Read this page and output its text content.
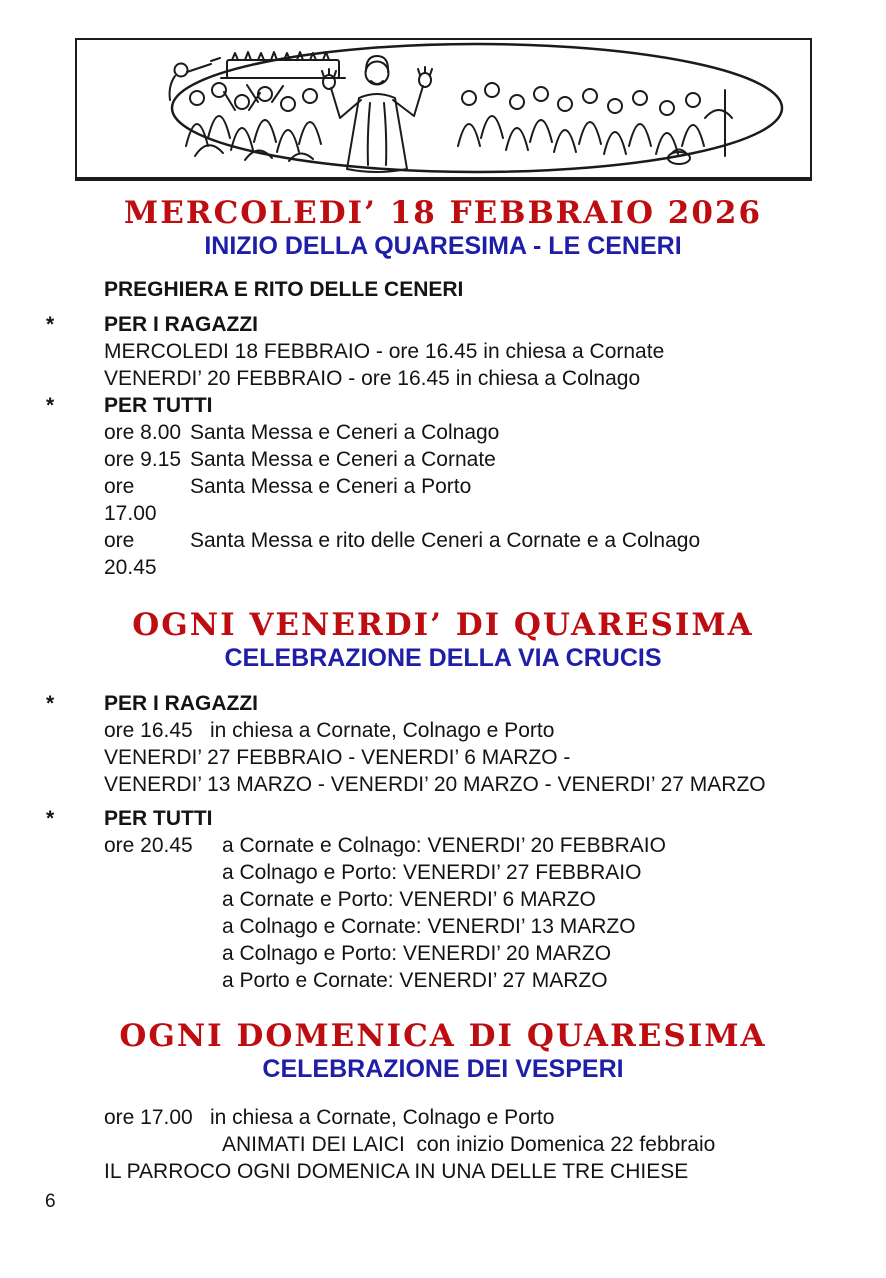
MERCOLEDI’ 18 FEBBRAIO 2026
INIZIO DELLA QUARESIMA - LE CENERI

PREGHIERA E RITO DELLE CENERI

* PER I RAGAZZI

MERCOLEDI 18 FEBBRAIO - ore 16.45 in chiesa a Cornate

VENERDI’ 20 FEBBRAIO - ore 16.45 in chiesa a Colnago

* PER TUTTI
ore 8.00 Santa Messa e Ceneri a Colnago
ore 9.15 Santa Messa e Ceneri a Cornate
ore 17.00
Santa Messa e Ceneri a Porto
ore 20.45
Santa Messa e rito delle Ceneri a Cornate e a Colnago
OGNI VENERDI’ DI QUARESIMA
CELEBRAZIONE DELLA VIA CRUCIS
* PER I RAGAZZI
ore 16.45 in chiesa a Cornate, Colnago e Porto

VENERDI’ 27 FEBBRAIO - VENERDI’ 6 MARZO -

VENERDI’ 13 MARZO - VENERDI’ 20 MARZO - VENERDI’ 27 MARZO

* PER TUTTI
ore 20.45	a Cornate e Colnago: VENERDI’ 20 FEBBRAIO

a Colnago e Porto: VENERDI’ 27 FEBBRAIO

a Cornate e Porto: VENERDI’ 6 MARZO

a Colnago e Cornate: VENERDI’ 13 MARZO

a Colnago e Porto: VENERDI’ 20 MARZO

a Porto e Cornate: VENERDI’ 27 MARZO

OGNI DOMENICA DI QUARESIMA
CELEBRAZIONE DEI VESPERI
ore 17.00 in chiesa a Cornate, Colnago e Porto

ANIMATI DEI LAICI  con inizio Domenica 22 febbraio

IL PARROCO OGNI DOMENICA IN UNA DELLE TRE CHIESE

6
